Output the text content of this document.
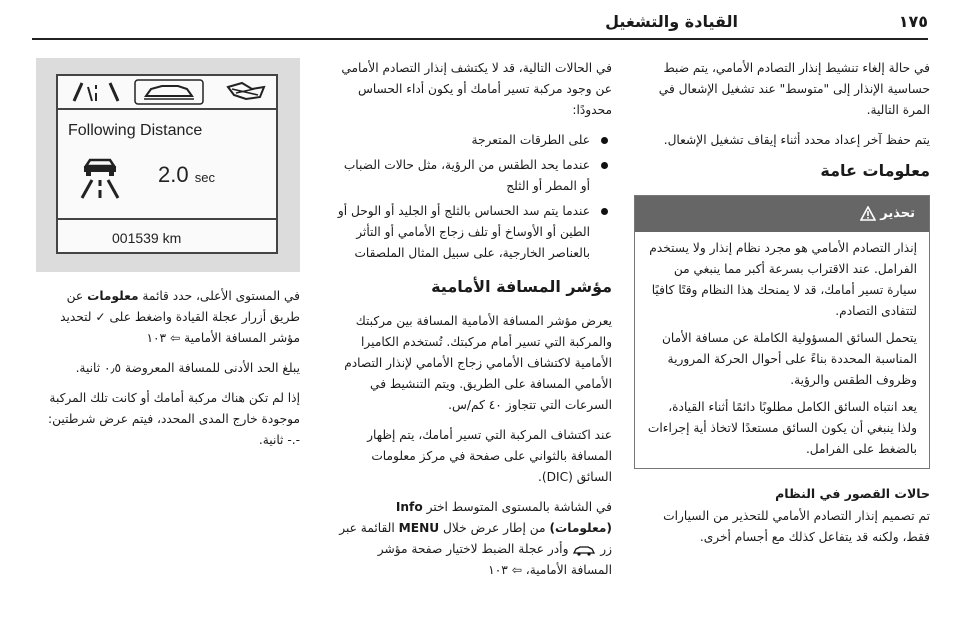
١٧٥
القيادة والتشغيل

في حالة إلغاء تنشيط إنذار التصادم الأمامي، يتم ضبط حساسية الإنذار إلى "متوسط" عند تشغيل الإشعال في المرة التالية.

يتم حفظ آخر إعداد محدد أثناء إيقاف تشغيل الإشعال.

معلومات عامة
تحذير

إنذار التصادم الأمامي هو مجرد نظام إنذار ولا يستخدم الفرامل. عند الاقتراب بسرعة أكبر مما ينبغي من سيارة تسير أمامك، قد لا يمنحك هذا النظام وقتًا كافيًا لتتفادى التصادم.

يتحمل السائق المسؤولية الكاملة عن مسافة الأمان المناسبة المحددة بناءً على أحوال الحركة المرورية وظروف الطقس والرؤية.

يعد انتباه السائق الكامل مطلوبًا دائمًا أثناء القيادة، ولذا ينبغي أن يكون السائق مستعدًا لاتخاذ أية إجراءات بالضغط على الفرامل.

حالات القصور في النظام

تم تصميم إنذار التصادم الأمامي للتحذير من السيارات فقط، ولكنه قد يتفاعل كذلك مع أجسام أخرى.

في الحالات التالية، قد لا يكتشف إنذار التصادم الأمامي عن وجود مركبة تسير أمامك أو يكون أداء الحساس محدودًا:

على الطرقات المتعرجة
عندما يحد الطقس من الرؤية، مثل حالات الضباب أو المطر أو الثلج
عندما يتم سد الحساس بالثلج أو الجليد أو الوحل أو الطين أو الأوساخ أو تلف زجاج الأمامي أو التأثر بالعناصر الخارجية، على سبيل المثال الملصقات
مؤشر المسافة الأمامية

يعرض مؤشر المسافة الأمامية المسافة بين مركبتك والمركبة التي تسير أمام مركبتك. تُستخدم الكاميرا الأمامية لاكتشاف الأمامي زجاج الأمامي لإنذار التصادم الأمامي المسافة على الطريق. ويتم التنشيط في السرعات التي تتجاوز ٤٠ كم/س.

عند اكتشاف المركبة التي تسير أمامك، يتم إظهار المسافة بالثواني على صفحة في مركز معلومات السائق (DIC).

في الشاشة بالمستوى المتوسط اختر Info (معلومات) من إطار عرض خلال MENU القائمة عبر زر  وأدر عجلة الضبط لاختيار صفحة مؤشر المسافة الأمامية، ⇦ ١٠٣

Following Distance
2.0 sec
001539 km

في المستوى الأعلى، حدد قائمة معلومات عن طريق أزرار عجلة القيادة واضغط على ✓ لتحديد مؤشر المسافة الأمامية ⇦ ١٠٣

يبلغ الحد الأدنى للمسافة المعروضة ٠٫٥ ثانية.

إذا لم تكن هناك مركبة أمامك أو كانت تلك المركبة موجودة خارج المدى المحدد، فيتم عرض شرطتين: -.- ثانية.
